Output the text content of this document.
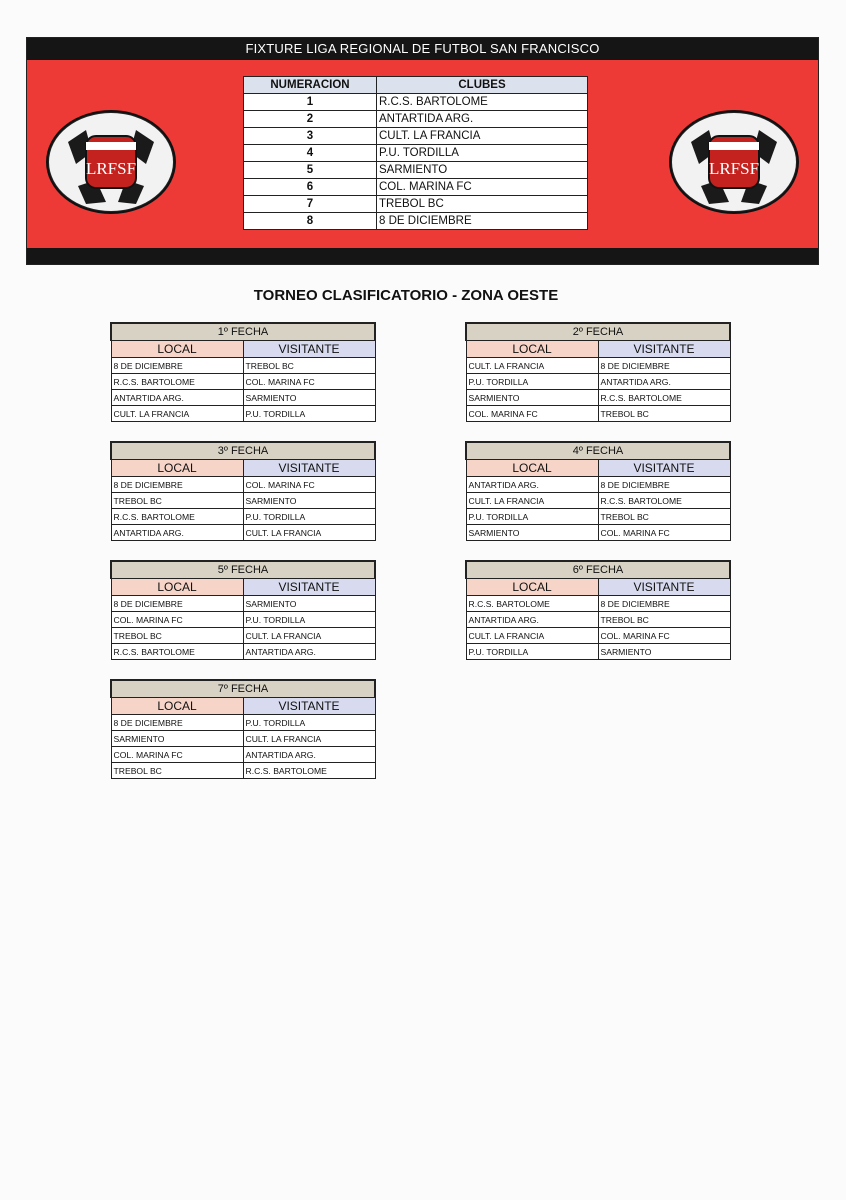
FIXTURE LIGA REGIONAL DE FUTBOL SAN FRANCISCO
LRFSF	LRFSF
NUMERACION	CLUBES
1	R.C.S. BARTOLOME
2	ANTARTIDA ARG.
3	CULT. LA FRANCIA
4	P.U. TORDILLA
5	SARMIENTO
6	COL. MARINA FC
7	TREBOL BC
8	8 DE DICIEMBRE
TORNEO CLASIFICATORIO - ZONA OESTE
1º FECHA	
LOCAL	VISITANTE
8 DE DICIEMBRE	TREBOL BC
R.C.S. BARTOLOME	COL. MARINA FC
ANTARTIDA ARG.	SARMIENTO
CULT. LA FRANCIA	P.U. TORDILLA
2º FECHA	
LOCAL	VISITANTE
CULT. LA FRANCIA	8 DE DICIEMBRE
P.U. TORDILLA	ANTARTIDA ARG.
SARMIENTO	R.C.S. BARTOLOME
COL. MARINA FC	TREBOL BC
3º FECHA	
LOCAL	VISITANTE
8 DE DICIEMBRE	COL. MARINA FC
TREBOL BC	SARMIENTO
R.C.S. BARTOLOME	P.U. TORDILLA
ANTARTIDA ARG.	CULT. LA FRANCIA
4º FECHA	
LOCAL	VISITANTE
ANTARTIDA ARG.	8 DE DICIEMBRE
CULT. LA FRANCIA	R.C.S. BARTOLOME
P.U. TORDILLA	TREBOL BC
SARMIENTO	COL. MARINA FC
5º FECHA	
LOCAL	VISITANTE
8 DE DICIEMBRE	SARMIENTO
COL. MARINA FC	P.U. TORDILLA
TREBOL BC	CULT. LA FRANCIA
R.C.S. BARTOLOME	ANTARTIDA ARG.
6º FECHA	
LOCAL	VISITANTE
R.C.S. BARTOLOME	8 DE DICIEMBRE
ANTARTIDA ARG.	TREBOL BC
CULT. LA FRANCIA	COL. MARINA FC
P.U. TORDILLA	SARMIENTO
7º FECHA	
LOCAL	VISITANTE
8 DE DICIEMBRE	P.U. TORDILLA
SARMIENTO	CULT. LA FRANCIA
COL. MARINA FC	ANTARTIDA ARG.
TREBOL BC	R.C.S. BARTOLOME
